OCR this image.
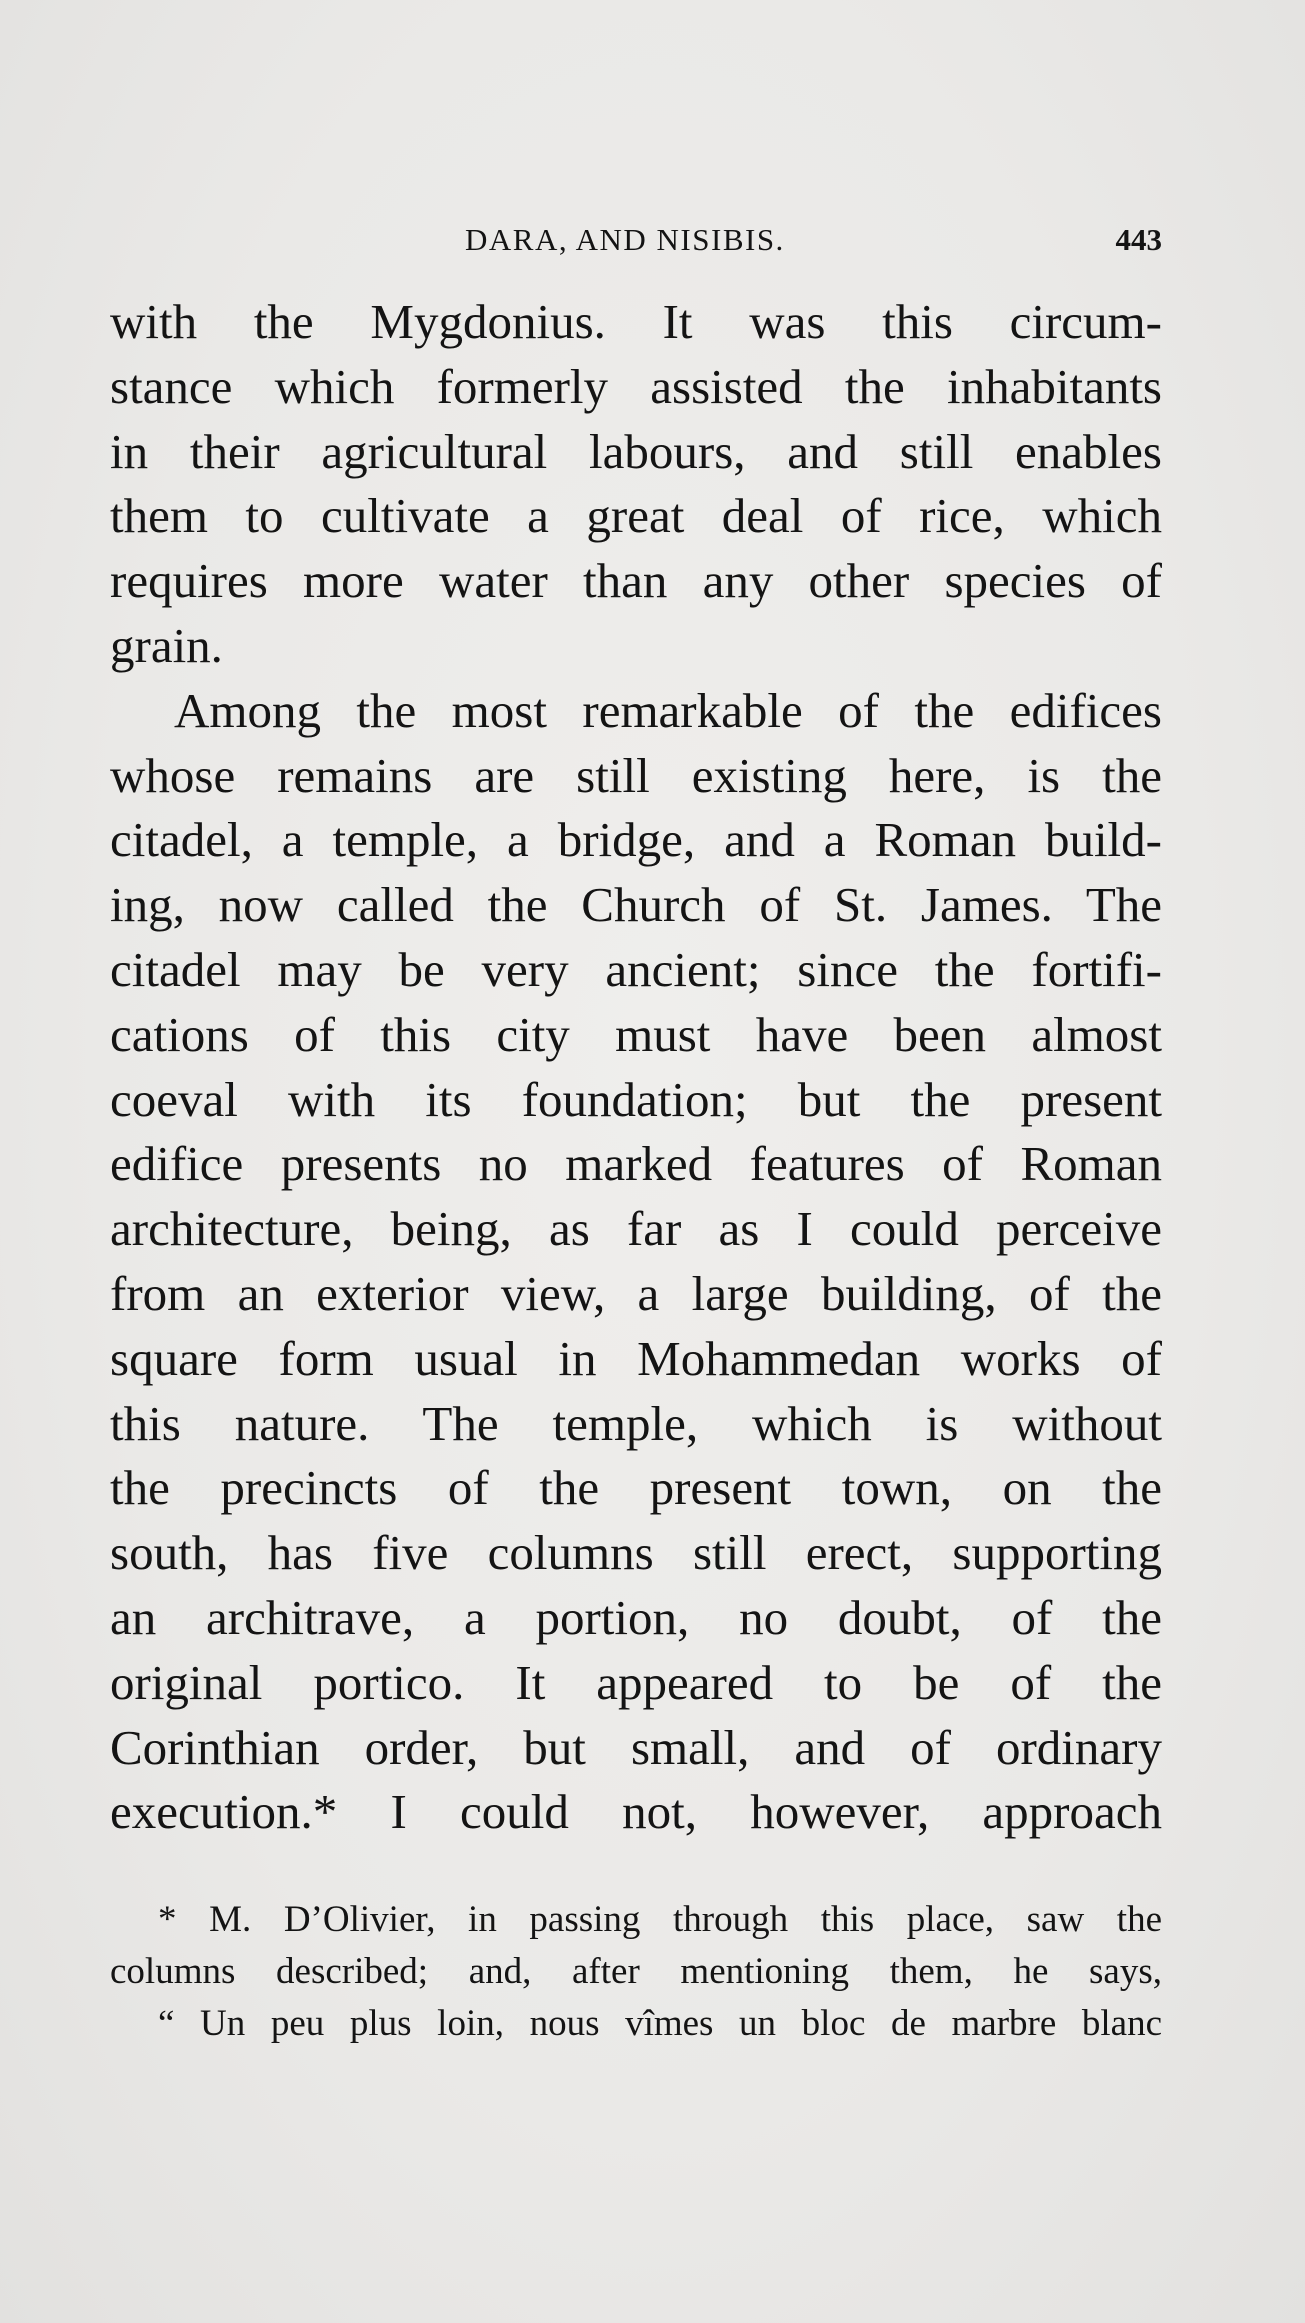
DARA, AND NISIBIS.	443
with the Mygdonius. It was this circum-
stance which formerly assisted the inhabitants
in their agricultural labours, and still enables
them to cultivate a great deal of rice, which
requires more water than any other species of
grain.
Among the most remarkable of the edifices
whose remains are still existing here, is the
citadel, a temple, a bridge, and a Roman build-
ing, now called the Church of St. James. The
citadel may be very ancient; since the fortifi-
cations of this city must have been almost
coeval with its foundation; but the present
edifice presents no marked features of Roman
architecture, being, as far as I could perceive
from an exterior view, a large building, of the
square form usual in Mohammedan works of
this nature. The temple, which is without
the precincts of the present town, on the
south, has five columns still erect, supporting
an architrave, a portion, no doubt, of the
original portico. It appeared to be of the
Corinthian order, but small, and of ordinary
execution.* I could not, however, approach
* M. D’Olivier, in passing through this place, saw the
columns described; and, after mentioning them, he says,
“ Un peu plus loin, nous vîmes un bloc de marbre blanc
